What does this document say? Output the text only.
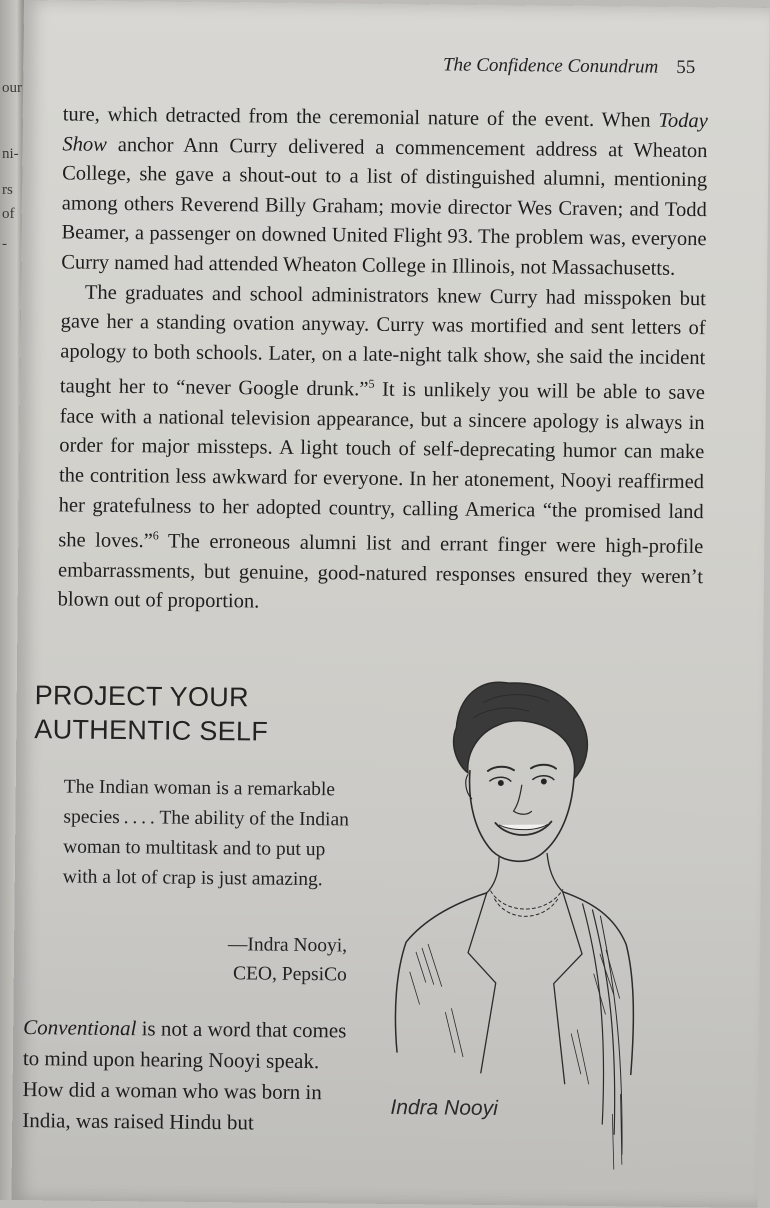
our
ni-
rs
of
-
The Confidence Conundrum 55

ture, which detracted from the ceremonial nature of the event. When Today Show anchor Ann Curry delivered a commencement address at Wheaton College, she gave a shout-out to a list of distinguished alumni, mentioning among others Reverend Billy Graham; movie director Wes Craven; and Todd Beamer, a passenger on downed United Flight 93. The problem was, everyone Curry named had attended Wheaton College in Illinois, not Massachusetts.

The graduates and school administrators knew Curry had misspoken but gave her a standing ovation anyway. Curry was mortified and sent letters of apology to both schools. Later, on a late-night talk show, she said the incident taught her to “never Google drunk.”$^5$ It is unlikely you will be able to save face with a national television appearance, but a sincere apology is always in order for major missteps. A light touch of self-deprecating humor can make the contrition less awkward for everyone. In her atonement, Nooyi reaffirmed her gratefulness to her adopted country, calling America “the promised land she loves.”$^6$ The erroneous alumni list and errant finger were high-profile embarrassments, but genuine, good-natured responses ensured they weren’t blown out of proportion.

PROJECT YOUR
AUTHENTIC SELF
The Indian woman is a remarkable species . . . . The ability of the Indian woman to multitask and to put up with a lot of crap is just amazing.
—Indra Nooyi,
CEO, PepsiCo
Conventional is not a word that comes to mind upon hearing Nooyi speak. How did a woman who was born in India, was raised Hindu but
Indra Nooyi
